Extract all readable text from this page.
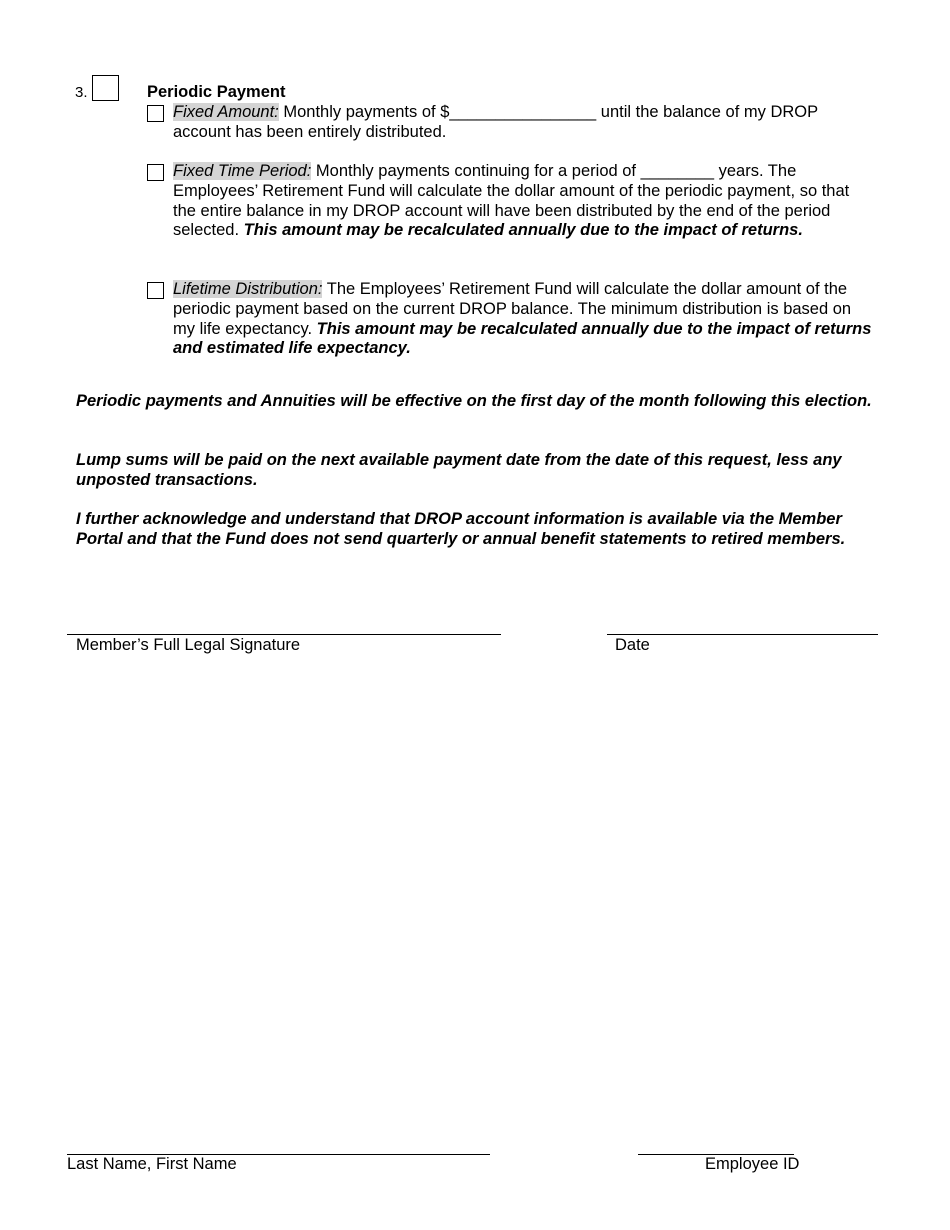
3.	Periodic Payment
Fixed Amount: Monthly payments of $________________ until the balance of my DROP account has been entirely distributed.
Fixed Time Period: Monthly payments continuing for a period of ________ years. The Employees’ Retirement Fund will calculate the dollar amount of the periodic payment, so that the entire balance in my DROP account will have been distributed by the end of the period selected. This amount may be recalculated annually due to the impact of returns.
Lifetime Distribution: The Employees’ Retirement Fund will calculate the dollar amount of the periodic payment based on the current DROP balance. The minimum distribution is based on my life expectancy. This amount may be recalculated annually due to the impact of returns and estimated life expectancy.
Periodic payments and Annuities will be effective on the first day of the month following this election.
Lump sums will be paid on the next available payment date from the date of this request, less any unposted transactions.
I further acknowledge and understand that DROP account information is available via the Member Portal and that the Fund does not send quarterly or annual benefit statements to retired members.
Member’s Full Legal Signature	Date
Last Name, First Name	Employee ID
